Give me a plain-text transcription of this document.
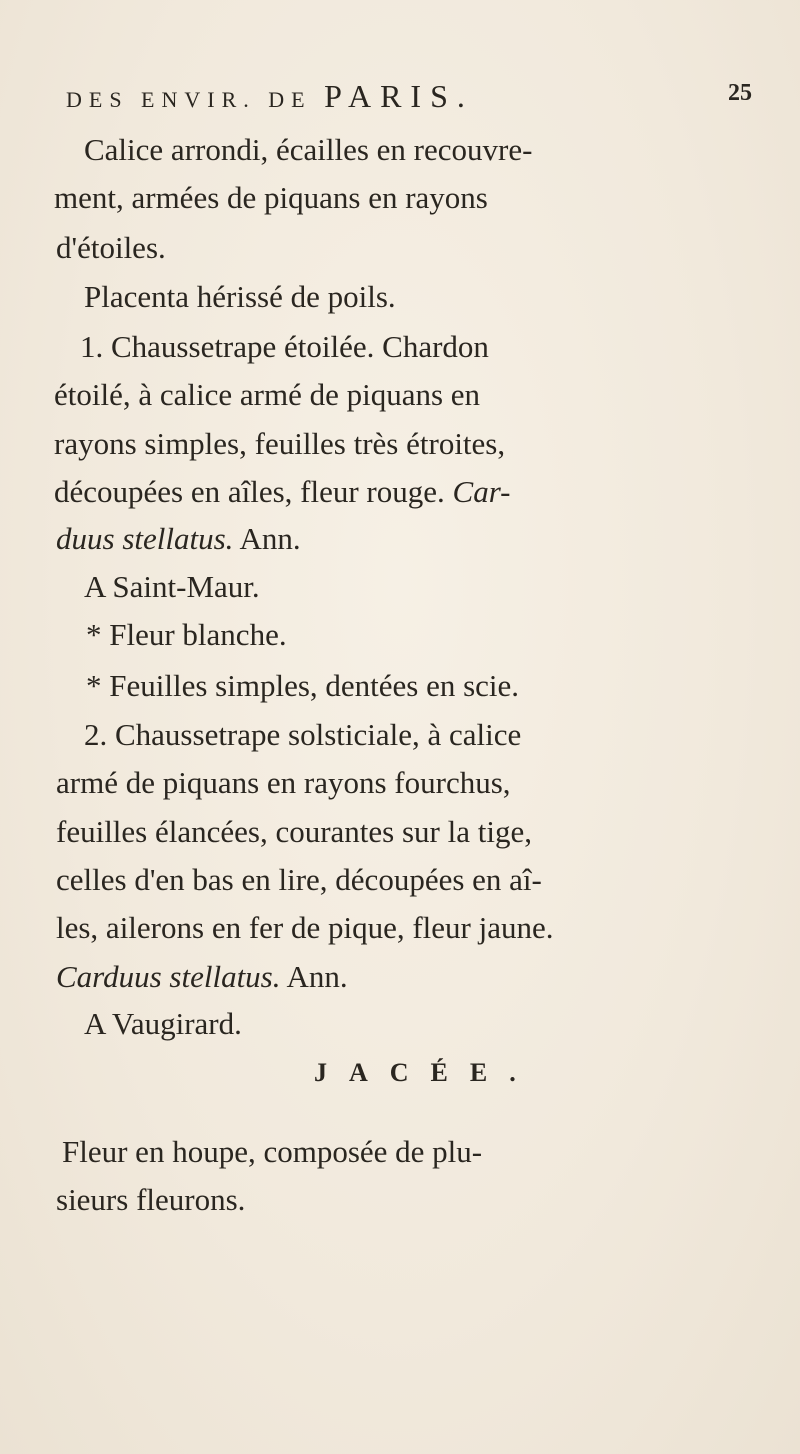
DES ENVIR. DE PARIS.	25
Calice arrondi, écailles en recouvre-
ment, armées de piquans en rayons
d'étoiles.
Placenta hérissé de poils.
1. Chaussetrape étoilée. Chardon
étoilé, à calice armé de piquans en
rayons simples, feuilles très étroites,
découpées en aîles, fleur rouge. Car-
duus stellatus. Ann.
A Saint-Maur.
* Fleur blanche.
* Feuilles simples, dentées en scie.
2. Chaussetrape solsticiale, à calice
armé de piquans en rayons fourchus,
feuilles élancées, courantes sur la tige,
celles d'en bas en lire, découpées en aî-
les, ailerons en fer de pique, fleur jaune.
Carduus stellatus. Ann.
A Vaugirard.
Fleur en houpe, composée de plu-
sieurs fleurons.
JACÉE.
